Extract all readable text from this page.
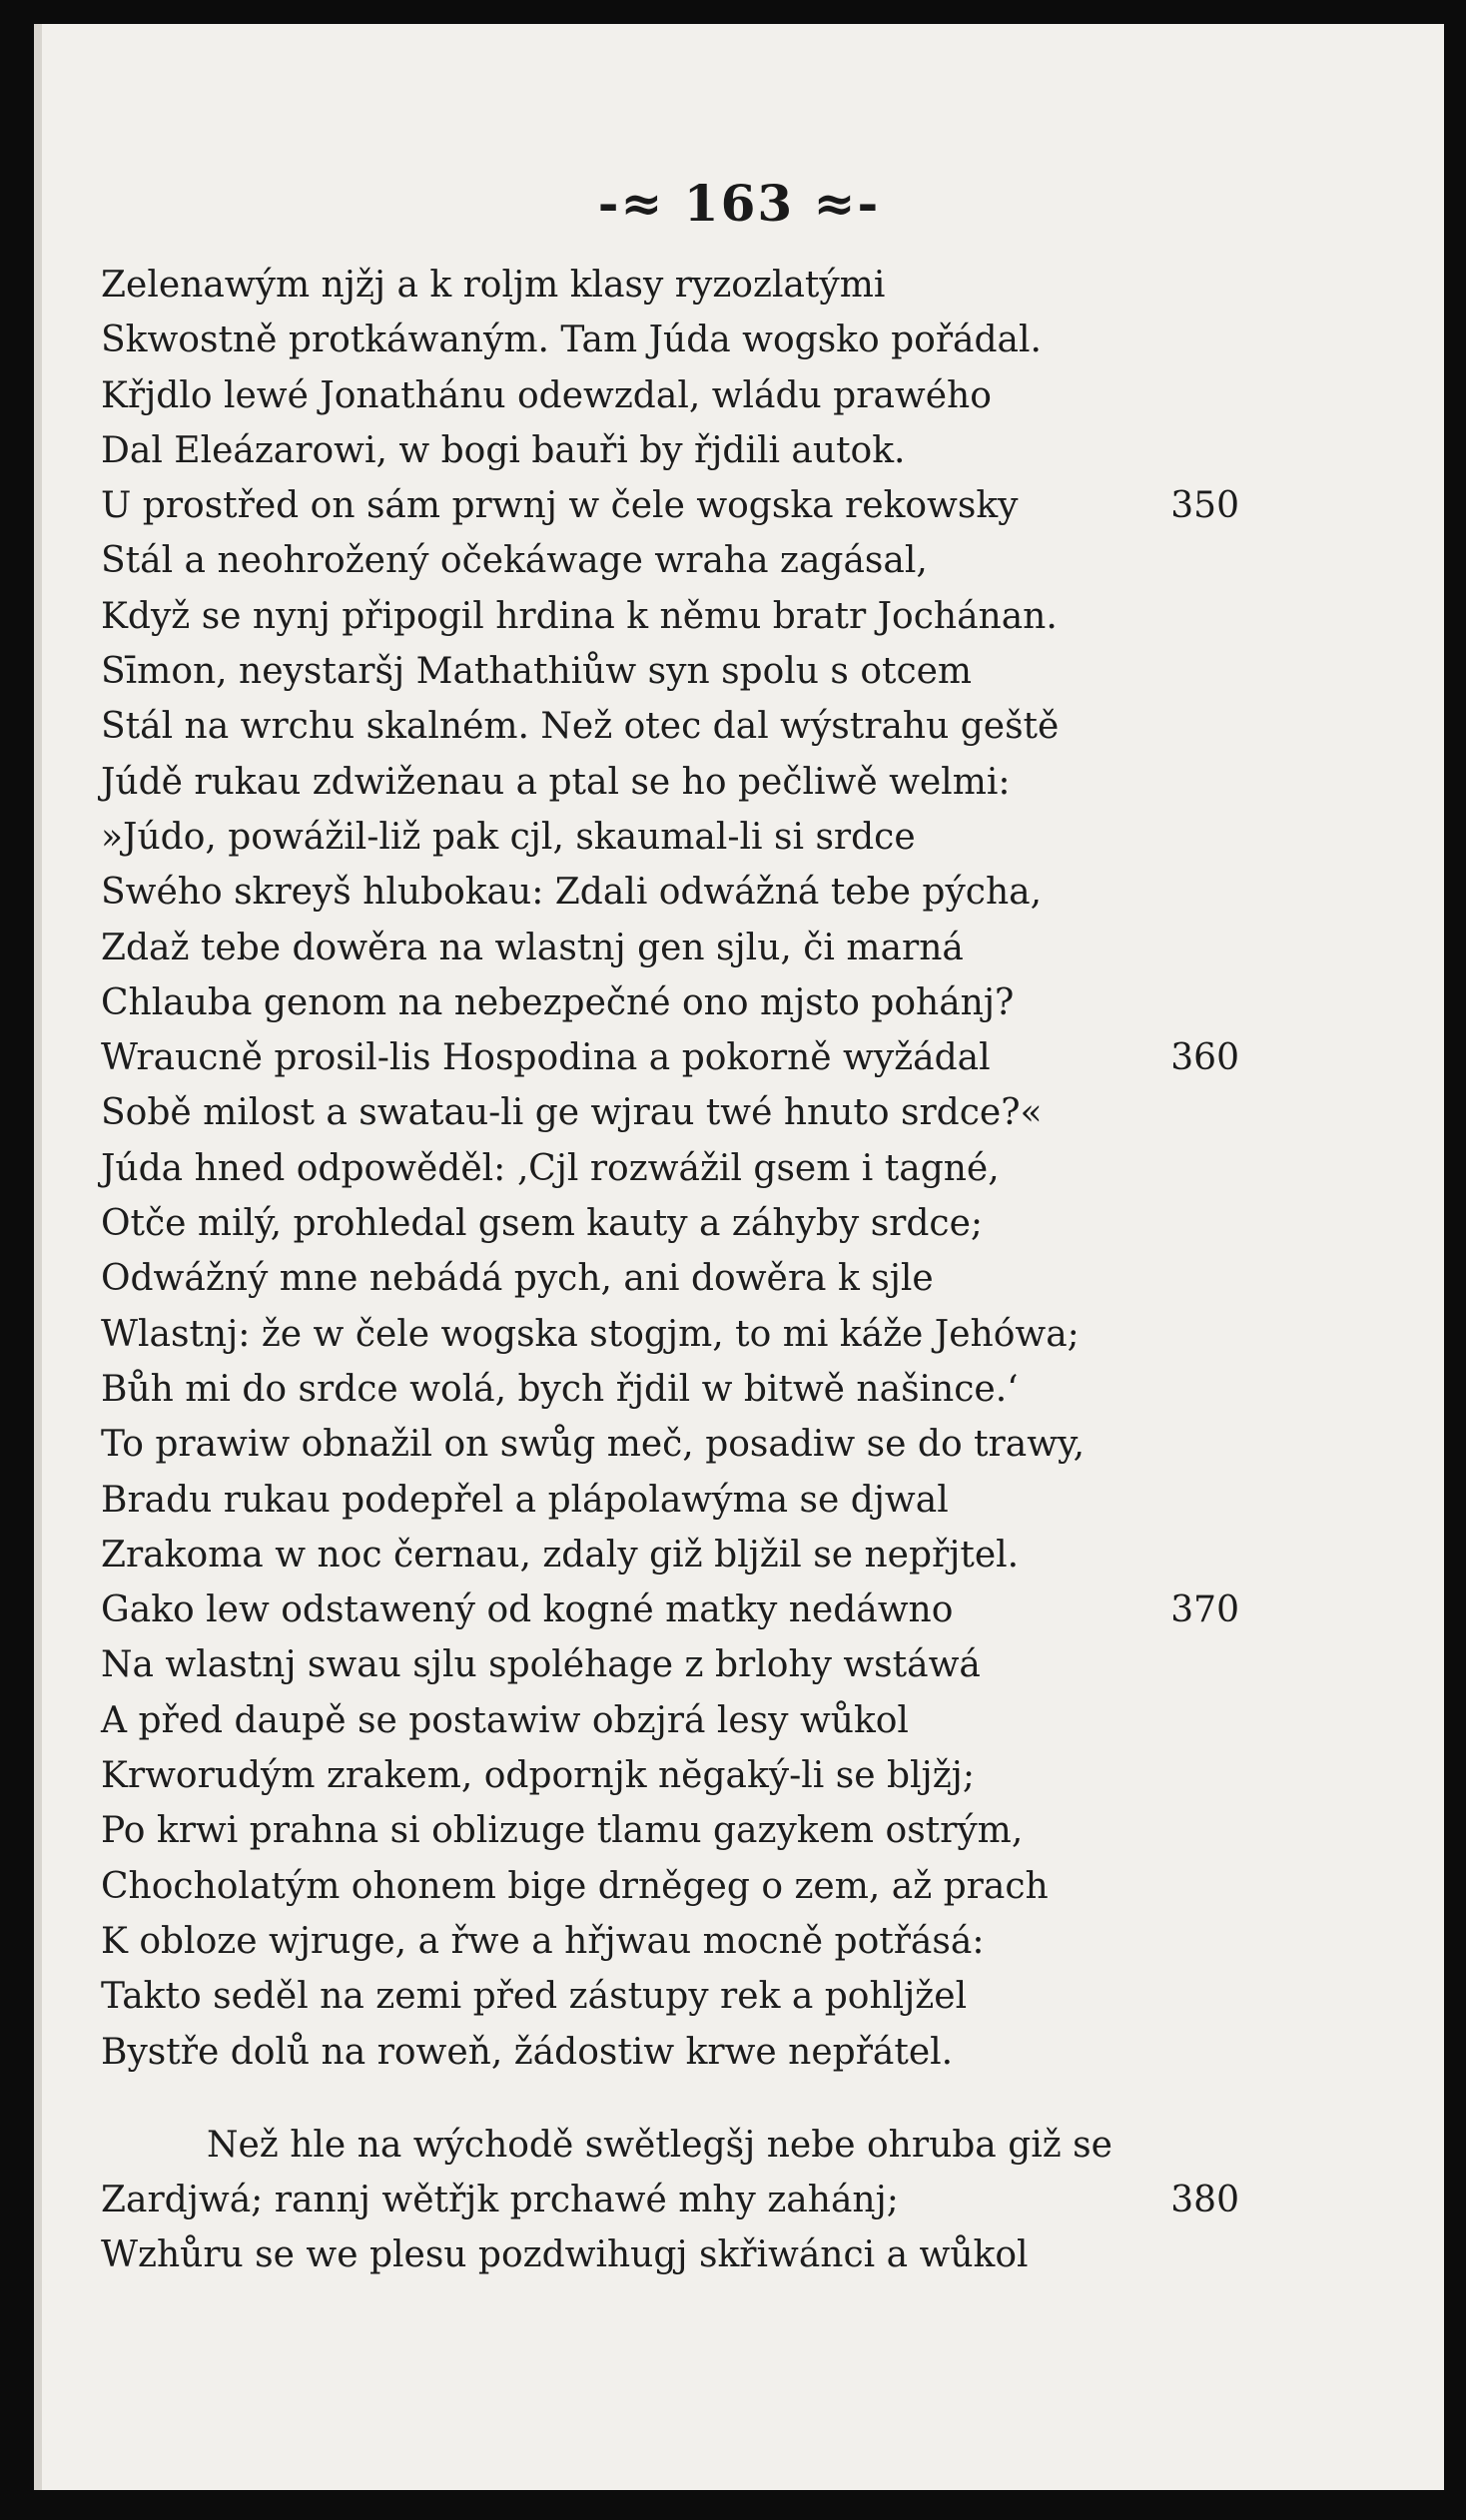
-≈ 163 ≈-
Zelenawým njžj a k roljm klasy ryzozlatými
Skwostně protkáwaným. Tam Júda wogsko pořádal.
Křjdlo lewé Jonathánu odewzdal, wládu prawého
Dal Eleázarowi, w bogi bauři by řjdili autok.
U prostřed on sám prwnj w čele wogska rekowsky	350
Stál a neohrožený očekáwage wraha zagásal,
Když se nynj připogil hrdina k němu bratr Jochánan.
Sīmon, neystaršj Mathathiůw syn spolu s otcem
Stál na wrchu skalném. Než otec dal wýstrahu geště
Júdě rukau zdwiženau a ptal se ho pečliwě welmi:
»Júdo, powážil-liž pak cjl, skaumal-li si srdce
Swého skreyš hlubokau: Zdali odwážná tebe pýcha,
Zdaž tebe dowěra na wlastnj gen sjlu, či marná
Chlauba genom na nebezpečné ono mjsto pohánj?
Wraucně prosil-lis Hospodina a pokorně wyžádal	360
Sobě milost a swatau-li ge wjrau twé hnuto srdce?«
Júda hned odpowěděl: ‚Cjl rozwážil gsem i tagné,
Otče milý, prohledal gsem kauty a záhyby srdce;
Odwážný mne nebádá pych, ani dowěra k sjle
Wlastnj: že w čele wogska stogjm, to mi káže Jehówa;
Bůh mi do srdce wolá, bych řjdil w bitwě našince.‘
To prawiw obnažil on swůg meč, posadiw se do trawy,
Bradu rukau podepřel a plápolawýma se djwal
Zrakoma w noc černau, zdaly giž bljžil se nepřjtel.
Gako lew odstawený od kogné matky nedáwno	370
Na wlastnj swau sjlu spoléhage z brlohy wstáwá
A před daupě se postawiw obzjrá lesy wůkol
Krworudým zrakem, odpornjk nĕgaký-li se bljžj;
Po krwi prahna si oblizuge tlamu gazykem ostrým,
Chocholatým ohonem bige drněgeg o zem, až prach
K obloze wjruge, a řwe a hřjwau mocně potřásá:
Takto seděl na zemi před zástupy rek a pohljžel
Bystře dolů na roweň, žádostiw krwe nepřátel.
Než hle na wýchodě swětlegšj nebe ohruba giž se
Zardjwá; rannj wětřjk prchawé mhy zahánj;	380
Wzhůru se we plesu pozdwihugj skřiwánci a wůkol
